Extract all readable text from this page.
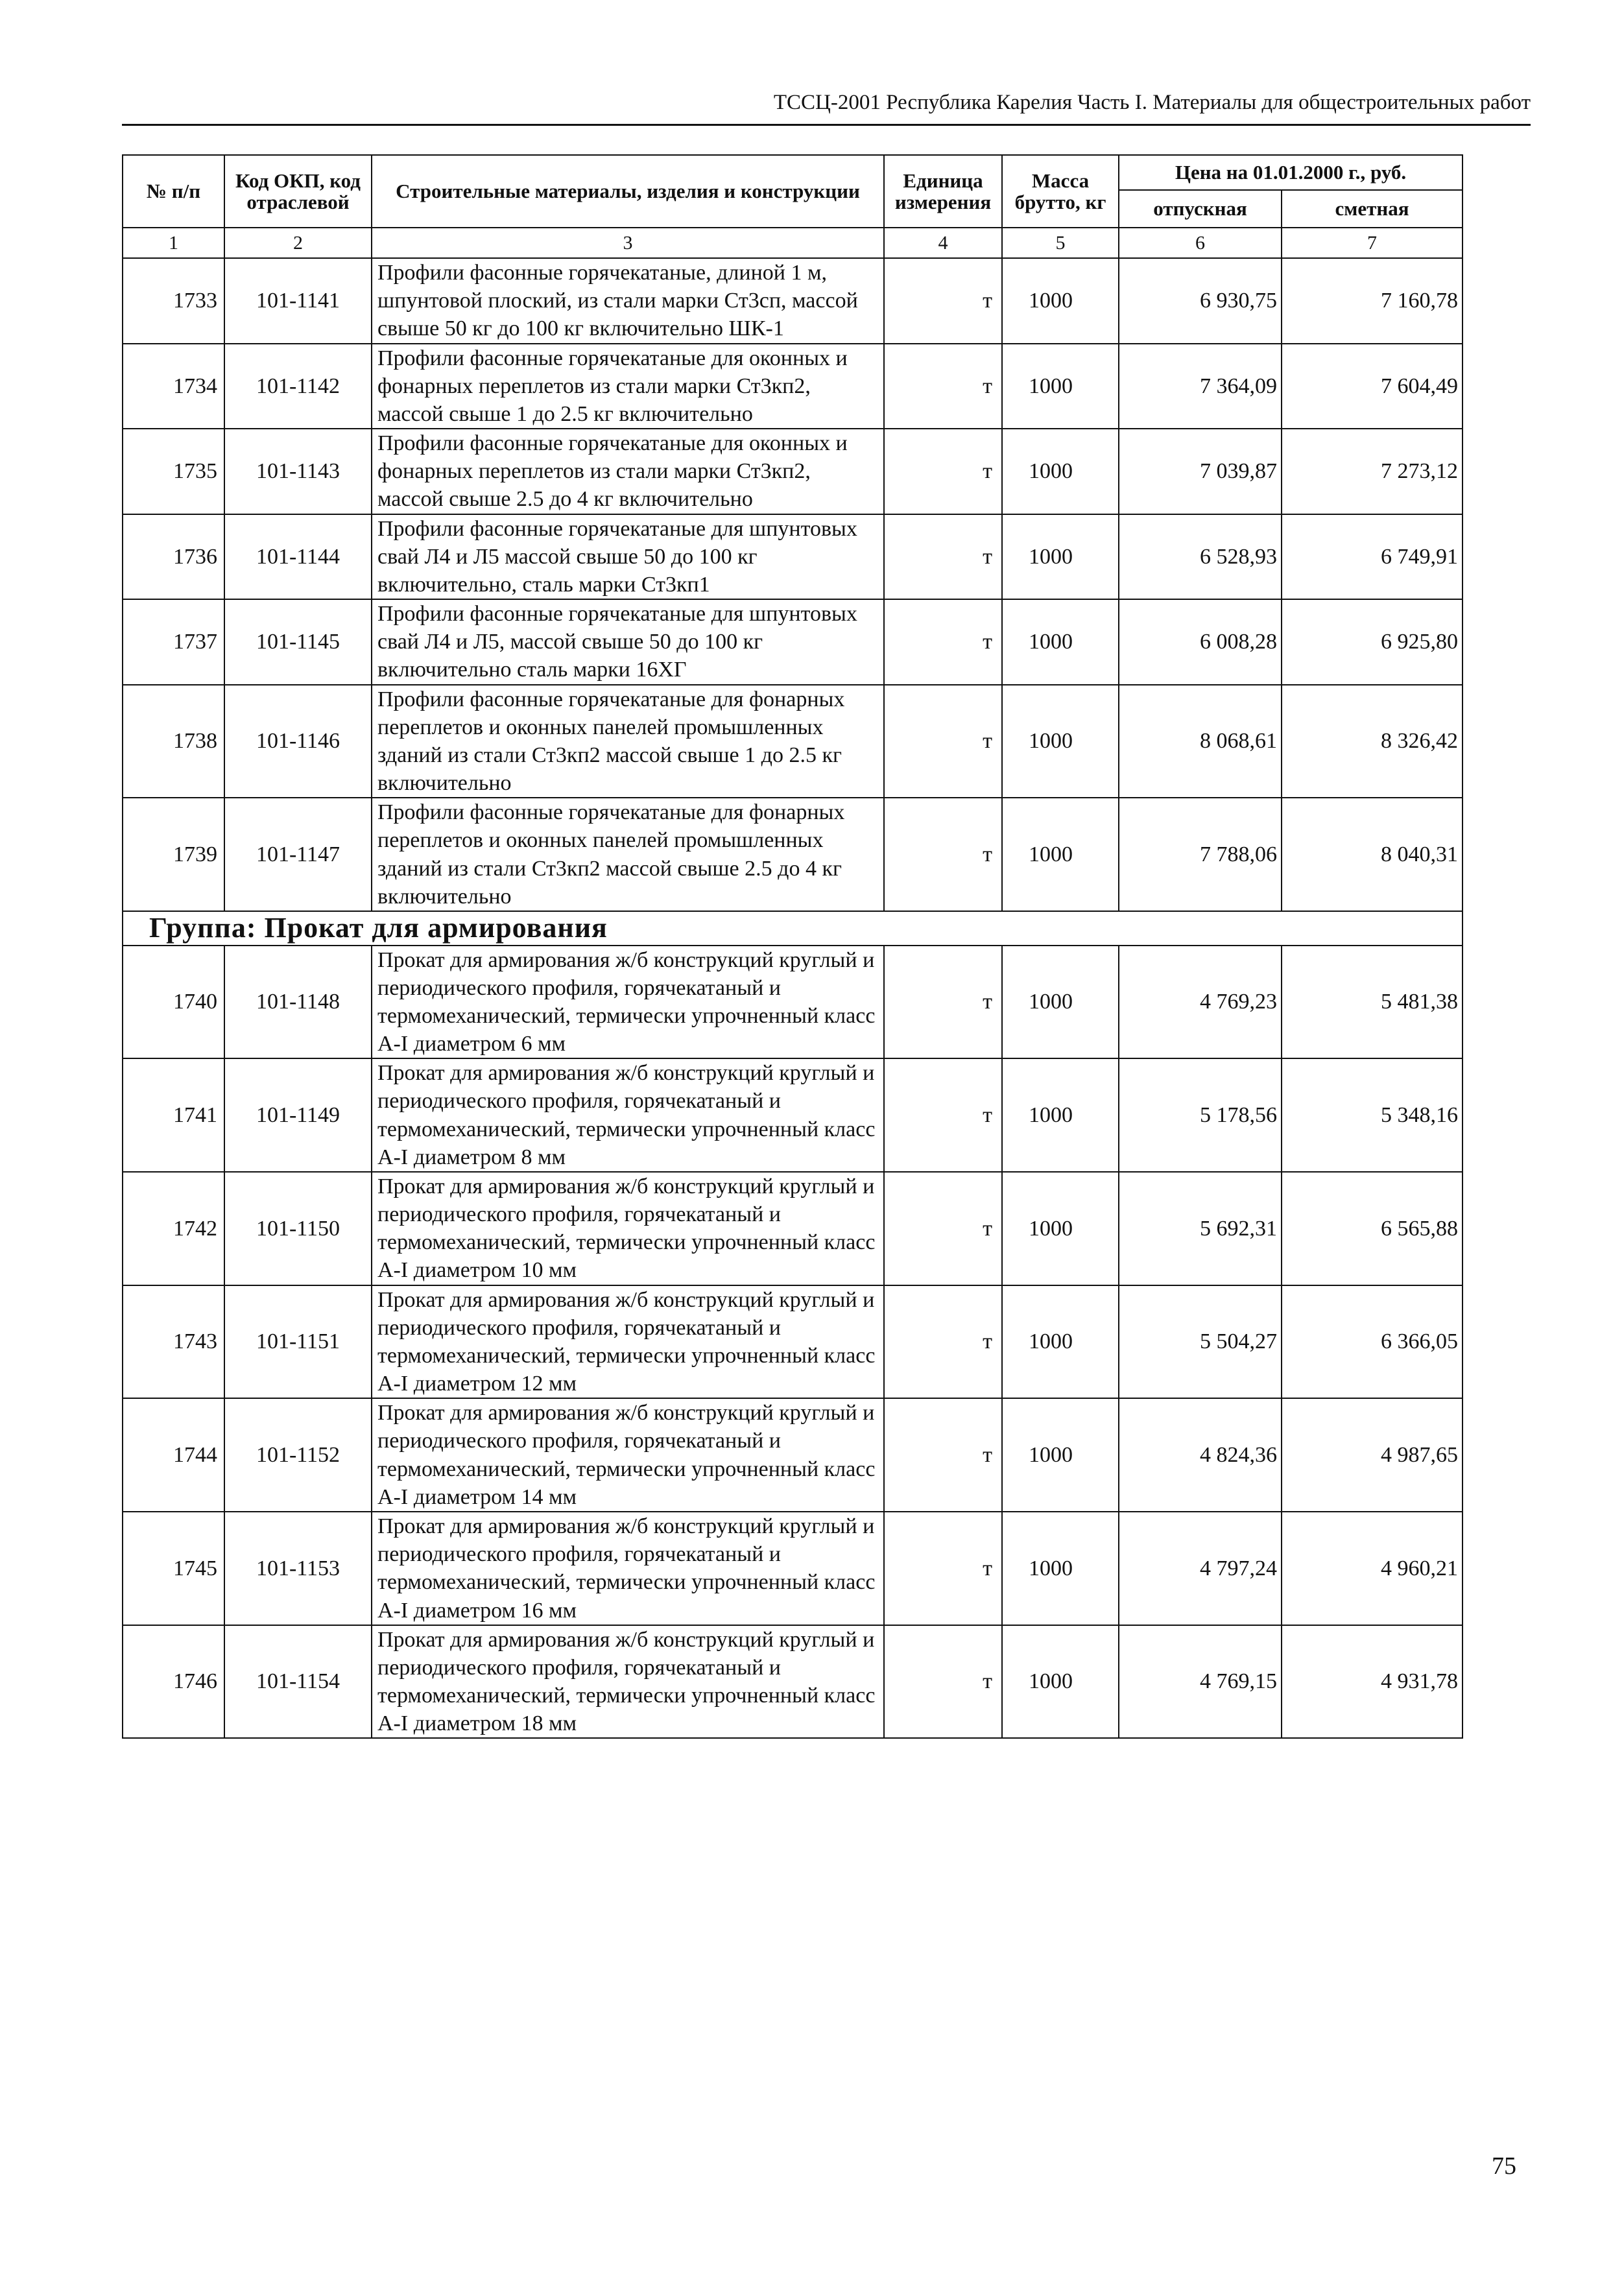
ТССЦ-2001 Республика Карелия Часть I. Материалы для общестроительных работ
№ п/п	Код ОКП, код отраслевой	Строительные материалы, изделия и конструкции	Единица измерения	Масса брутто, кг	Цена на 01.01.2000 г., руб.	
					отпускная	сметная
1	2	3	4	5	6	7
1733	101-1141	Профили фасонные горячекатаные, длиной 1 м, шпунтовой плоский, из стали марки Ст3сп, массой свыше 50 кг до 100 кг включительно ШК-1	т	1000	6 930,75	7 160,78
1734	101-1142	Профили фасонные горячекатаные для оконных и фонарных переплетов из стали марки Ст3кп2, массой свыше 1 до 2.5 кг включительно	т	1000	7 364,09	7 604,49
1735	101-1143	Профили фасонные горячекатаные для оконных и фонарных переплетов из стали марки Ст3кп2, массой свыше 2.5 до 4 кг включительно	т	1000	7 039,87	7 273,12
1736	101-1144	Профили фасонные горячекатаные для шпунтовых свай Л4 и Л5 массой свыше 50 до 100 кг включительно, сталь марки Ст3кп1	т	1000	6 528,93	6 749,91
1737	101-1145	Профили фасонные горячекатаные для шпунтовых свай Л4 и Л5, массой свыше 50 до 100 кг включительно сталь марки 16ХГ	т	1000	6 008,28	6 925,80
1738	101-1146	Профили фасонные горячекатаные для фонарных переплетов и оконных панелей промышленных зданий из стали Ст3кп2 массой свыше 1 до 2.5 кг включительно	т	1000	8 068,61	8 326,42
1739	101-1147	Профили фасонные горячекатаные для фонарных переплетов и оконных панелей промышленных зданий из стали Ст3кп2 массой свыше 2.5 до 4 кг включительно	т	1000	7 788,06	8 040,31
Группа: Прокат для армирования						
1740	101-1148	Прокат для армирования ж/б конструкций круглый и периодического профиля, горячекатаный и термомеханический, термически упрочненный класс А-I диаметром 6 мм	т	1000	4 769,23	5 481,38
1741	101-1149	Прокат для армирования ж/б конструкций круглый и периодического профиля, горячекатаный и термомеханический, термически упрочненный класс А-I диаметром 8 мм	т	1000	5 178,56	5 348,16
1742	101-1150	Прокат для армирования ж/б конструкций круглый и периодического профиля, горячекатаный и термомеханический, термически упрочненный класс А-I диаметром 10 мм	т	1000	5 692,31	6 565,88
1743	101-1151	Прокат для армирования ж/б конструкций круглый и периодического профиля, горячекатаный и термомеханический, термически упрочненный класс А-I диаметром 12 мм	т	1000	5 504,27	6 366,05
1744	101-1152	Прокат для армирования ж/б конструкций круглый и периодического профиля, горячекатаный и термомеханический, термически упрочненный класс А-I диаметром 14 мм	т	1000	4 824,36	4 987,65
1745	101-1153	Прокат для армирования ж/б конструкций круглый и периодического профиля, горячекатаный и термомеханический, термически упрочненный класс А-I диаметром 16 мм	т	1000	4 797,24	4 960,21
1746	101-1154	Прокат для армирования ж/б конструкций круглый и периодического профиля, горячекатаный и термомеханический, термически упрочненный класс А-I диаметром 18 мм	т	1000	4 769,15	4 931,78
75
